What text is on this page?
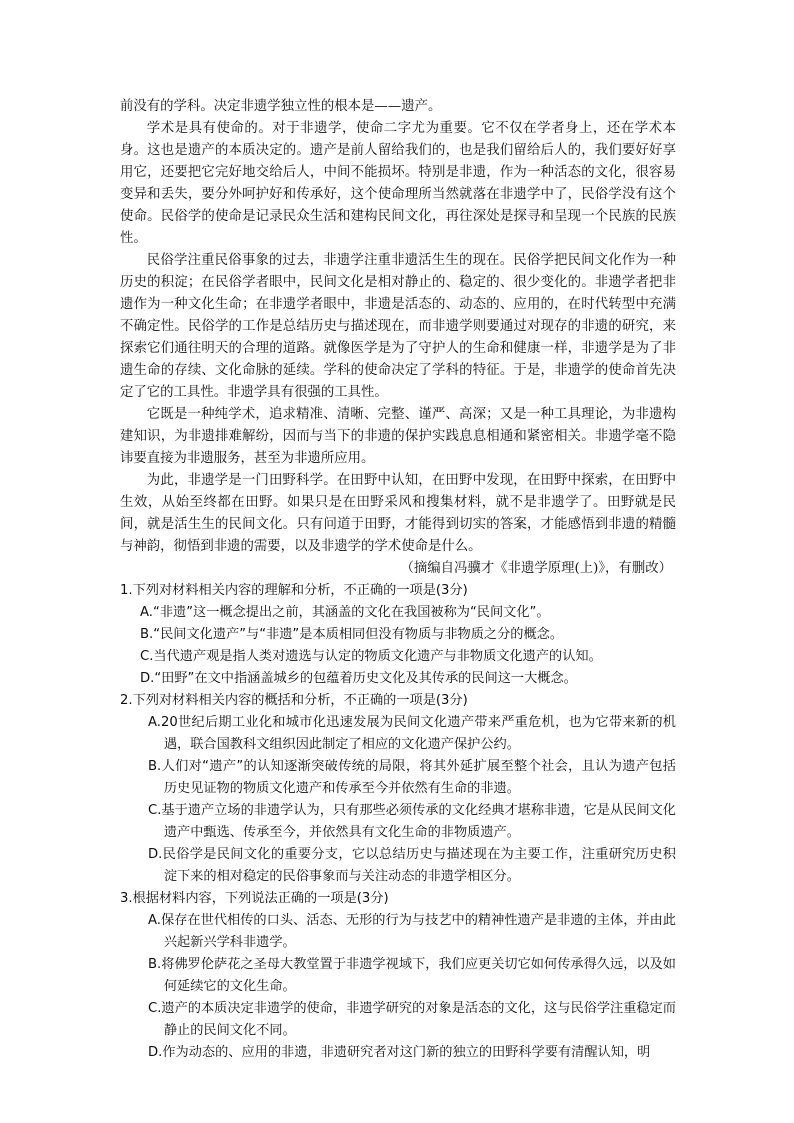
前没有的学科。决定非遗学独立性的根本是——遗产。

学术是具有使命的。对于非遗学，使命二字尤为重要。它不仅在学者身上，还在学术本身。这也是遗产的本质决定的。遗产是前人留给我们的，也是我们留给后人的，我们要好好享用它，还要把它完好地交给后人，中间不能损坏。特别是非遗，作为一种活态的文化，很容易变异和丢失，要分外呵护好和传承好，这个使命理所当然就落在非遗学中了，民俗学没有这个使命。民俗学的使命是记录民众生活和建构民间文化，再往深处是探寻和呈现一个民族的民族性。

民俗学注重民俗事象的过去，非遗学注重非遗活生生的现在。民俗学把民间文化作为一种历史的积淀；在民俗学者眼中，民间文化是相对静止的、稳定的、很少变化的。非遗学者把非遗作为一种文化生命；在非遗学者眼中，非遗是活态的、动态的、应用的，在时代转型中充满不确定性。民俗学的工作是总结历史与描述现在，而非遗学则要通过对现存的非遗的研究，来探索它们通往明天的合理的道路。就像医学是为了守护人的生命和健康一样，非遗学是为了非遗生命的存续、文化命脉的延续。学科的使命决定了学科的特征。于是，非遗学的使命首先决定了它的工具性。非遗学具有很强的工具性。

它既是一种纯学术，追求精准、清晰、完整、谨严、高深；又是一种工具理论，为非遗构建知识，为非遗排难解纷，因而与当下的非遗的保护实践息息相通和紧密相关。非遗学毫不隐讳要直接为非遗服务，甚至为非遗所应用。

为此，非遗学是一门田野科学。在田野中认知，在田野中发现，在田野中探索，在田野中生效，从始至终都在田野。如果只是在田野采风和搜集材料，就不是非遗学了。田野就是民间，就是活生生的民间文化。只有问道于田野，才能得到切实的答案，才能感悟到非遗的精髓与神韵，彻悟到非遗的需要，以及非遗学的学术使命是什么。

（摘编自冯骥才《非遗学原理(上)》，有删改）

1.下列对材料相关内容的理解和分析，不正确的一项是(3分)

A.“非遗”这一概念提出之前，其涵盖的文化在我国被称为“民间文化”。

B.“民间文化遗产”与“非遗”是本质相同但没有物质与非物质之分的概念。

C.当代遗产观是指人类对遗选与认定的物质文化遗产与非物质文化遗产的认知。

D.“田野”在文中指涵盖城乡的包蕴着历史文化及其传承的民间这一大概念。

2.下列对材料相关内容的概括和分析，不正确的一项是(3分)

A.20世纪后期工业化和城市化迅速发展为民间文化遗产带来严重危机，也为它带来新的机遇，联合国教科文组织因此制定了相应的文化遗产保护公约。

B.人们对“遗产”的认知逐渐突破传统的局限，将其外延扩展至整个社会，且认为遗产包括历史见证物的物质文化遗产和传承至今并依然有生命的非遗。

C.基于遗产立场的非遗学认为，只有那些必须传承的文化经典才堪称非遗，它是从民间文化遗产中甄选、传承至今，并依然具有文化生命的非物质遗产。

D.民俗学是民间文化的重要分支，它以总结历史与描述现在为主要工作，注重研究历史积淀下来的相对稳定的民俗事象而与关注动态的非遗学相区分。

3.根据材料内容，下列说法正确的一项是(3分)

A.保存在世代相传的口头、活态、无形的行为与技艺中的精神性遗产是非遗的主体，并由此兴起新兴学科非遗学。

B.将佛罗伦萨花之圣母大教堂置于非遗学视域下，我们应更关切它如何传承得久远，以及如何延续它的文化生命。

C.遗产的本质决定非遗学的使命，非遗学研究的对象是活态的文化，这与民俗学注重稳定而静止的民间文化不同。

D.作为动态的、应用的非遗，非遗研究者对这门新的独立的田野科学要有清醒认知，明
